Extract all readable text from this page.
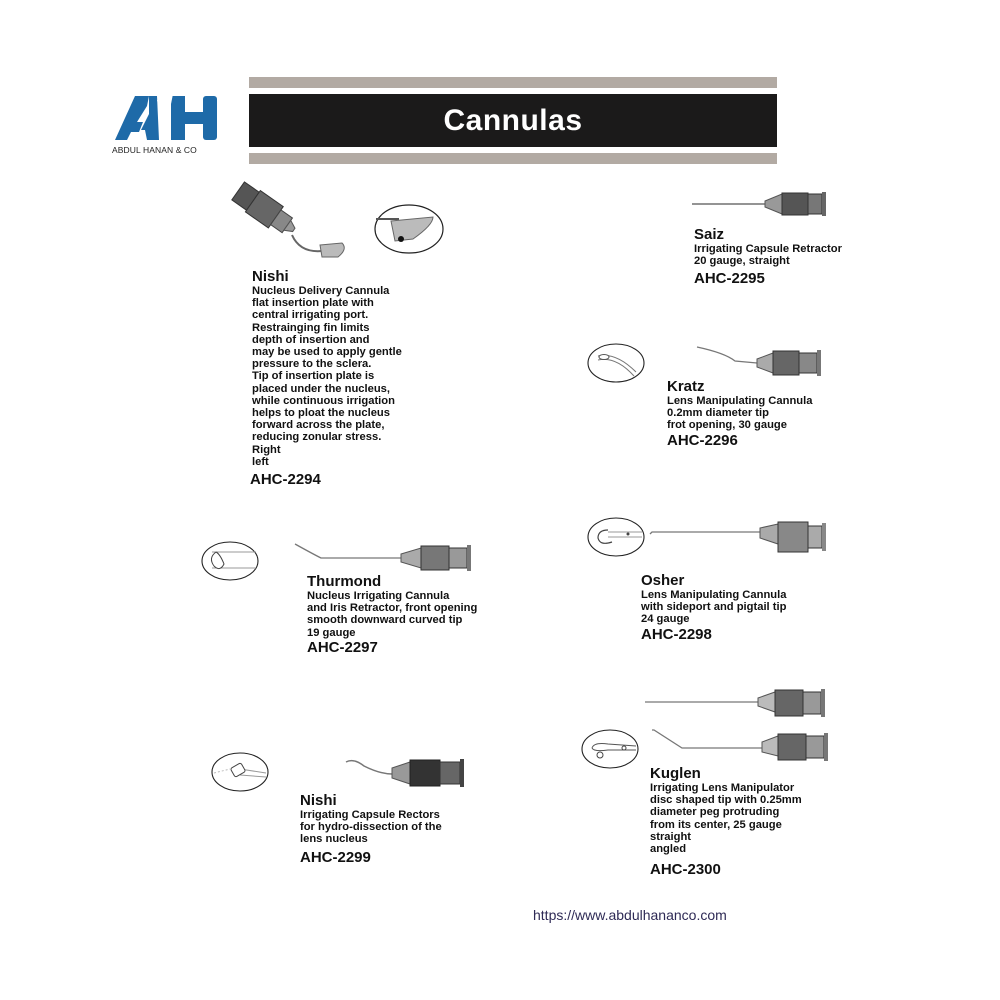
ABDUL HANAN & CO
Cannulas
Nishi
Nucleus Delivery Cannula
flat insertion plate with
central irrigating port.
Restrainging fin limits
depth of insertion and
may be used to apply gentle
pressure to the sclera.
Tip of insertion plate is
placed under the nucleus,
while continuous irrigation
helps to ploat the nucleus
forward across the plate,
reducing zonular stress.
Right
left
AHC-2294
Saiz
Irrigating Capsule Retractor
20 gauge, straight
AHC-2295
Kratz
Lens Manipulating Cannula
0.2mm diameter tip
frot opening, 30 gauge
AHC-2296
Thurmond
Nucleus Irrigating Cannula
and Iris Retractor, front opening
smooth downward curved tip
19 gauge
AHC-2297
Osher
Lens Manipulating Cannula
with sideport and pigtail tip
24 gauge
AHC-2298
Nishi
Irrigating Capsule Rectors
for hydro-dissection of the
lens nucleus
AHC-2299
Kuglen
Irrigating Lens Manipulator
disc shaped tip with 0.25mm
diameter peg protruding
from its center, 25 gauge
straight
angled
AHC-2300
https://www.abdulhananco.com
